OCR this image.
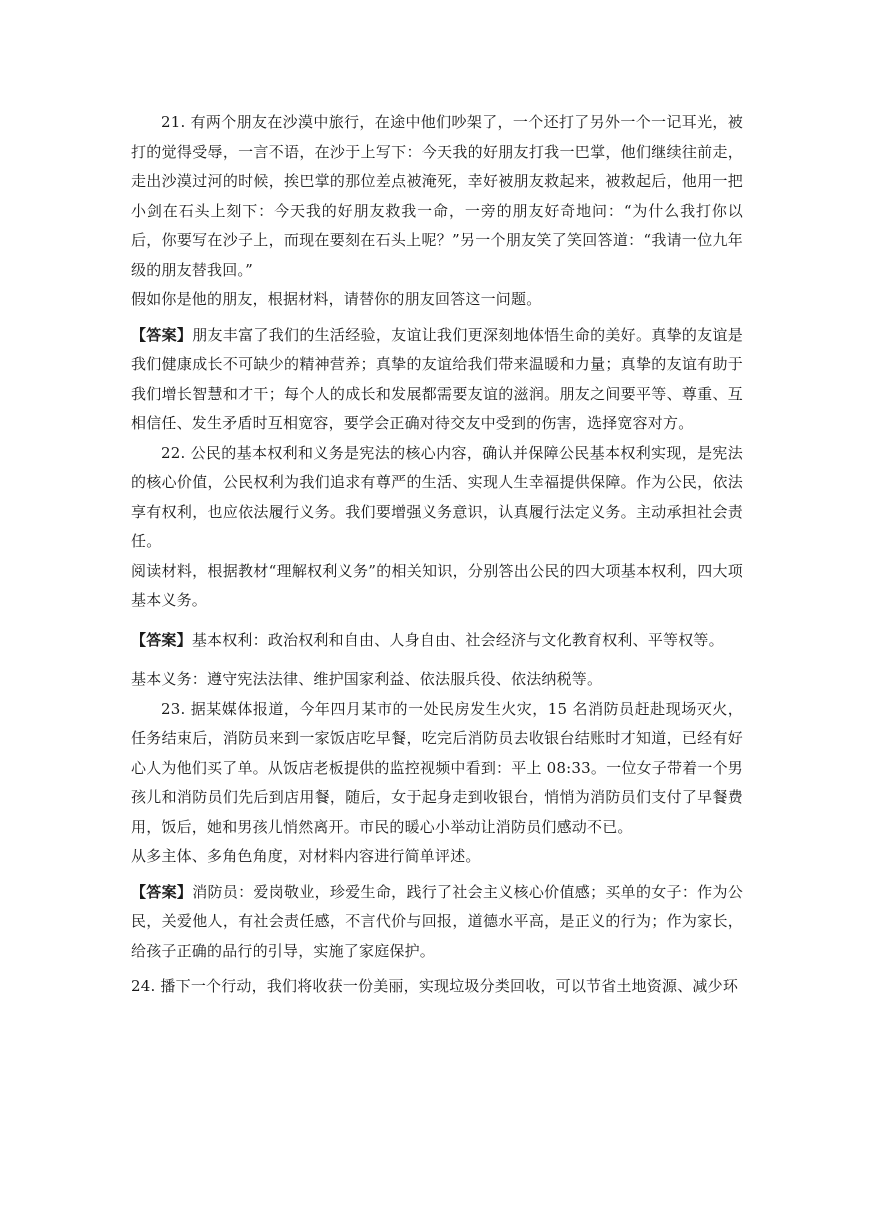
21. 有两个朋友在沙漠中旅行，在途中他们吵架了，一个还打了另外一个一记耳光，被打的觉得受辱，一言不语，在沙于上写下：今天我的好朋友打我一巴掌，他们继续往前走，走出沙漠过河的时候，挨巴掌的那位差点被淹死，幸好被朋友救起来，被救起后，他用一把小剑在石头上刻下：今天我的好朋友救我一命，一旁的朋友好奇地问：“为什么我打你以后，你要写在沙子上，而现在要刻在石头上呢？”另一个朋友笑了笑回答道：“我请一位九年级的朋友替我回。”

假如你是他的朋友，根据材料，请替你的朋友回答这一问题。

【答案】朋友丰富了我们的生活经验，友谊让我们更深刻地体悟生命的美好。真挚的友谊是我们健康成长不可缺少的精神营养；真挚的友谊给我们带来温暖和力量；真挚的友谊有助于我们增长智慧和才干；每个人的成长和发展都需要友谊的滋润。朋友之间要平等、尊重、互相信任、发生矛盾时互相宽容，要学会正确对待交友中受到的伤害，选择宽容对方。

22. 公民的基本权利和义务是宪法的核心内容，确认并保障公民基本权利实现，是宪法的核心价值，公民权利为我们追求有尊严的生活、实现人生幸福提供保障。作为公民，依法享有权利，也应依法履行义务。我们要增强义务意识，认真履行法定义务。主动承担社会责任。

阅读材料，根据教材“理解权利义务”的相关知识，分别答出公民的四大项基本权利，四大项基本义务。

【答案】基本权利：政治权利和自由、人身自由、社会经济与文化教育权利、平等权等。

基本义务：遵守宪法法律、维护国家利益、依法服兵役、依法纳税等。

23. 据某媒体报道，今年四月某市的一处民房发生火灾，15 名消防员赶赴现场灭火，任务结束后，消防员来到一家饭店吃早餐，吃完后消防员去收银台结账时才知道，已经有好心人为他们买了单。从饭店老板提供的监控视频中看到：平上 08:33。一位女子带着一个男孩儿和消防员们先后到店用餐，随后，女于起身走到收银台，悄悄为消防员们支付了早餐费用，饭后，她和男孩儿悄然离开。市民的暖心小举动让消防员们感动不已。

从多主体、多角色角度，对材料内容进行简单评述。

【答案】消防员：爱岗敬业，珍爱生命，践行了社会主义核心价值感；买单的女子：作为公民，关爱他人，有社会责任感，不言代价与回报，道德水平高，是正义的行为；作为家长，给孩子正确的品行的引导，实施了家庭保护。

24. 播下一个行动，我们将收获一份美丽，实现垃圾分类回收，可以节省土地资源、减少环
